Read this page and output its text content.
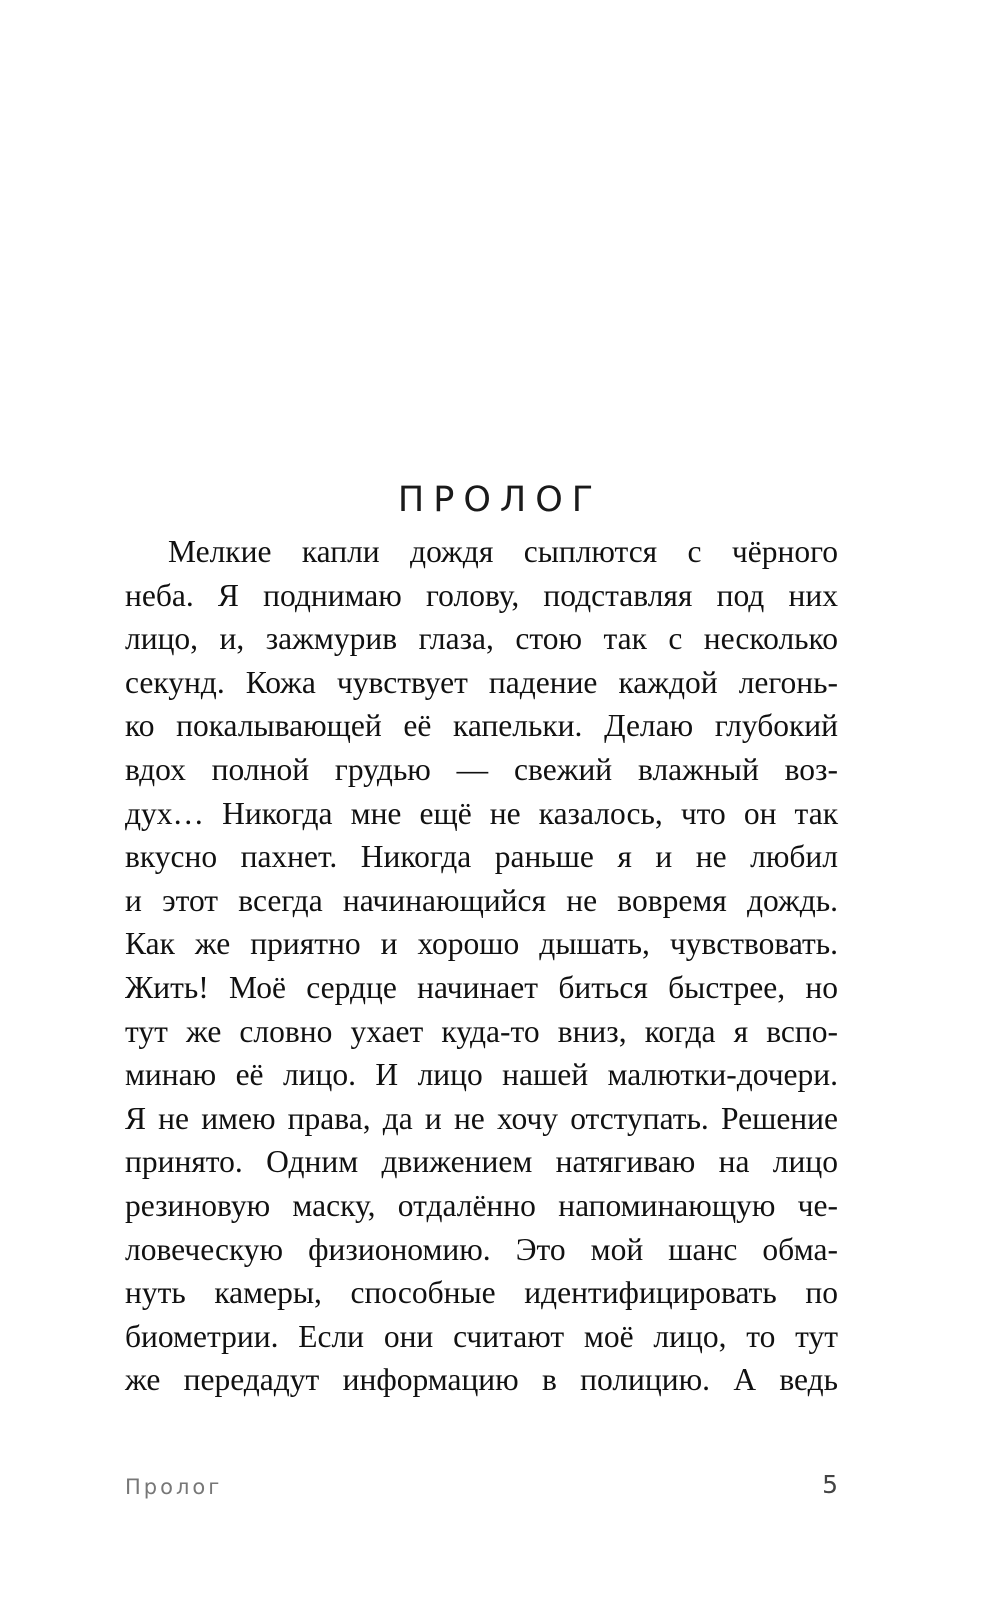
ПРОЛОГ
Мелкие капли дождя сыплются с чёрного
неба. Я поднимаю голову, подставляя под них
лицо, и, зажмурив глаза, стою так с несколько
секунд. Кожа чувствует падение каждой легонь-
ко покалывающей её капельки. Делаю глубокий
вдох полной грудью — свежий влажный воз-
дух… Никогда мне ещё не казалось, что он так
вкусно пахнет. Никогда раньше я и не любил
и этот всегда начинающийся не вовремя дождь.
Как же приятно и хорошо дышать, чувствовать.
Жить! Моё сердце начинает биться быстрее, но
тут же словно ухает куда-то вниз, когда я вспо-
минаю её лицо. И лицо нашей малютки-дочери.
Я не имею права, да и не хочу отступать. Решение
принято. Одним движением натягиваю на лицо
резиновую маску, отдалённо напоминающую че-
ловеческую физиономию. Это мой шанс обма-
нуть камеры, способные идентифицировать по
биометрии. Если они считают моё лицо, то тут
же передадут информацию в полицию. А ведь
Пролог	5
